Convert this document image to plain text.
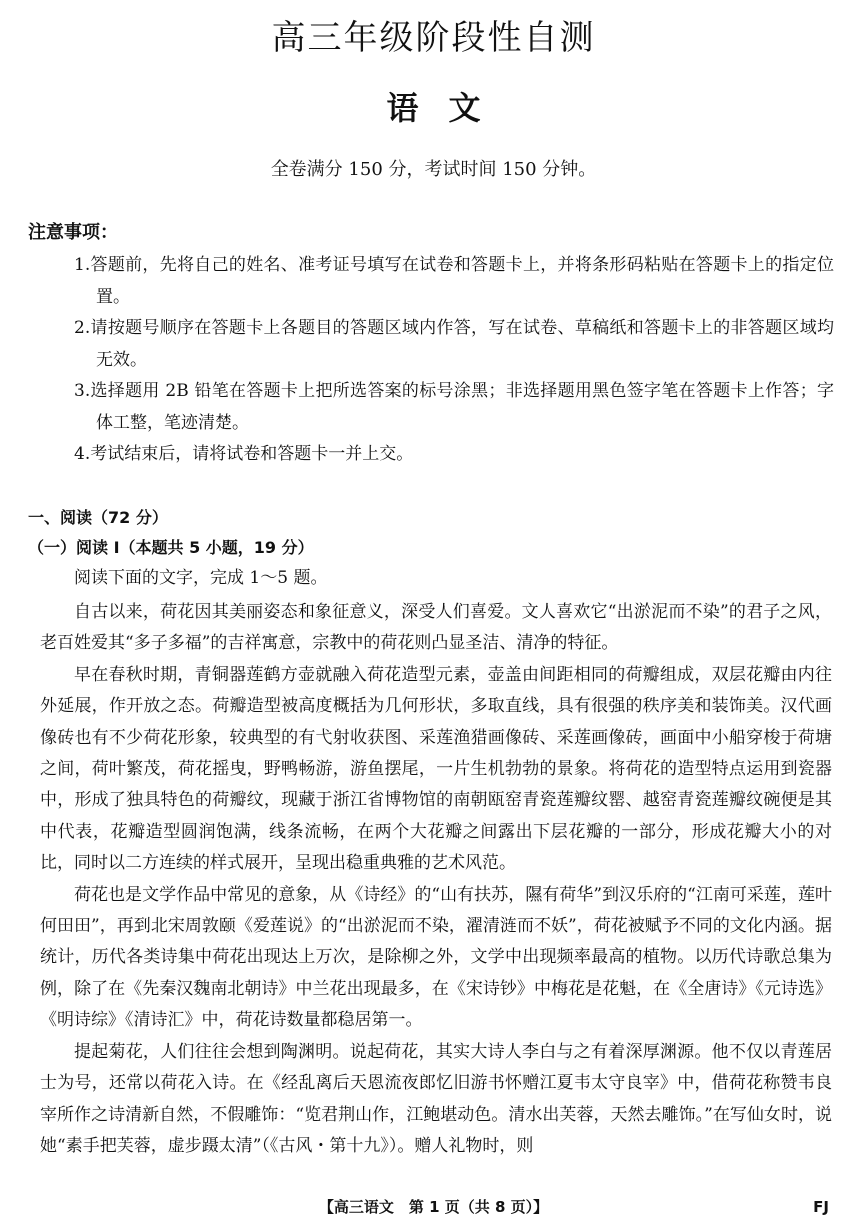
高三年级阶段性自测
语文
全卷满分 150 分，考试时间 150 分钟。
注意事项：
1.答题前，先将自己的姓名、准考证号填写在试卷和答题卡上，并将条形码粘贴在答题卡上的指定位置。
2.请按题号顺序在答题卡上各题目的答题区域内作答，写在试卷、草稿纸和答题卡上的非答题区域均无效。
3.选择题用 2B 铅笔在答题卡上把所选答案的标号涂黑；非选择题用黑色签字笔在答题卡上作答；字体工整，笔迹清楚。
4.考试结束后，请将试卷和答题卡一并上交。
一、阅读（72 分）
（一）阅读 Ⅰ（本题共 5 小题，19 分）
阅读下面的文字，完成 1～5 题。

自古以来，荷花因其美丽姿态和象征意义，深受人们喜爱。文人喜欢它“出淤泥而不染”的君子之风，老百姓爱其“多子多福”的吉祥寓意，宗教中的荷花则凸显圣洁、清净的特征。

早在春秋时期，青铜器莲鹤方壶就融入荷花造型元素，壶盖由间距相同的荷瓣组成，双层花瓣由内往外延展，作开放之态。荷瓣造型被高度概括为几何形状，多取直线，具有很强的秩序美和装饰美。汉代画像砖也有不少荷花形象，较典型的有弋射收获图、采莲渔猎画像砖、采莲画像砖，画面中小船穿梭于荷塘之间，荷叶繁茂，荷花摇曳，野鸭畅游，游鱼摆尾，一片生机勃勃的景象。将荷花的造型特点运用到瓷器中，形成了独具特色的荷瓣纹，现藏于浙江省博物馆的南朝瓯窑青瓷莲瓣纹罂、越窑青瓷莲瓣纹碗便是其中代表，花瓣造型圆润饱满，线条流畅，在两个大花瓣之间露出下层花瓣的一部分，形成花瓣大小的对比，同时以二方连续的样式展开，呈现出稳重典雅的艺术风范。

荷花也是文学作品中常见的意象，从《诗经》的“山有扶苏，隰有荷华”到汉乐府的“江南可采莲，莲叶何田田”，再到北宋周敦颐《爱莲说》的“出淤泥而不染，濯清涟而不妖”，荷花被赋予不同的文化内涵。据统计，历代各类诗集中荷花出现达上万次，是除柳之外，文学中出现频率最高的植物。以历代诗歌总集为例，除了在《先秦汉魏南北朝诗》中兰花出现最多，在《宋诗钞》中梅花是花魁，在《全唐诗》《元诗选》《明诗综》《清诗汇》中，荷花诗数量都稳居第一。

提起菊花，人们往往会想到陶渊明。说起荷花，其实大诗人李白与之有着深厚渊源。他不仅以青莲居士为号，还常以荷花入诗。在《经乱离后天恩流夜郎忆旧游书怀赠江夏韦太守良宰》中，借荷花称赞韦良宰所作之诗清新自然，不假雕饰：“览君荆山作，江鲍堪动色。清水出芙蓉，天然去雕饰。”在写仙女时，说她“素手把芙蓉，虚步蹑太清”（《古风・第十九》）。赠人礼物时，则

【高三语文　第 1 页（共 8 页）】	FJ
